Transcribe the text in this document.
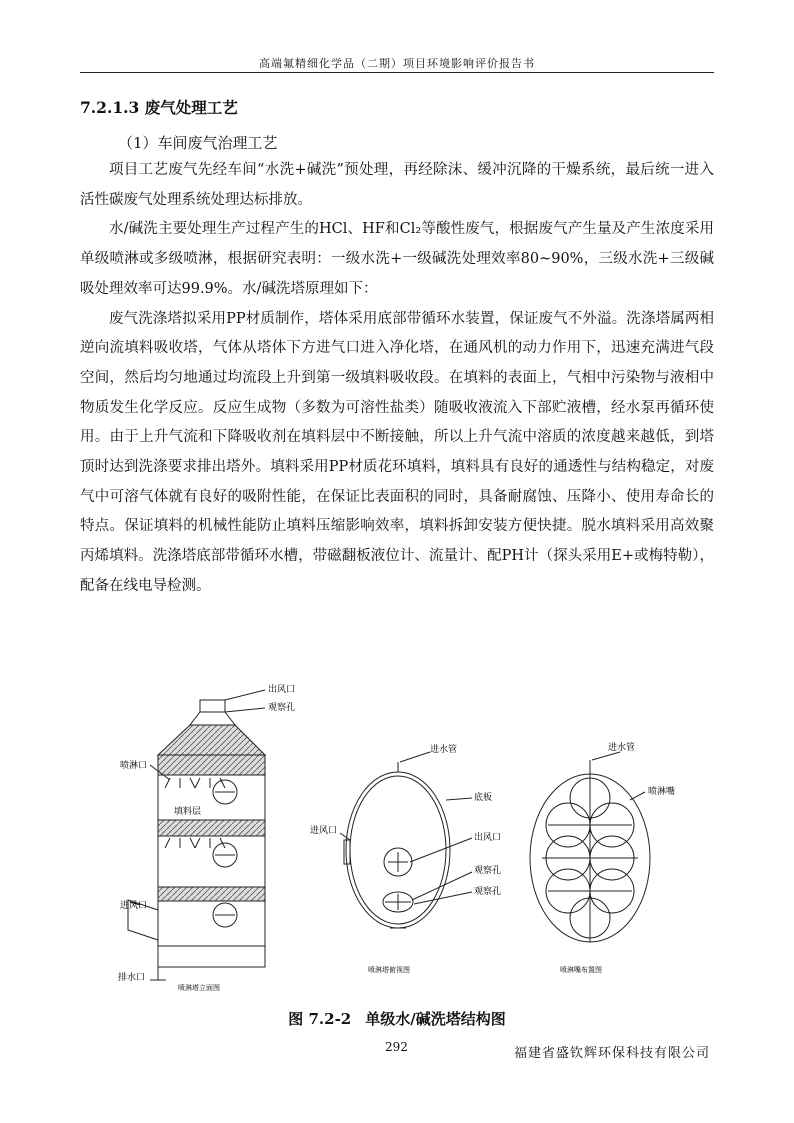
高端氟精细化学品（二期）项目环境影响评价报告书
7.2.1.3 废气处理工艺
（1）车间废气治理工艺

项目工艺废气先经车间“水洗+碱洗”预处理，再经除沫、缓冲沉降的干燥系统，最后统一进入活性碳废气处理系统处理达标排放。

水/碱洗主要处理生产过程产生的HCl、HF和Cl₂等酸性废气，根据废气产生量及产生浓度采用单级喷淋或多级喷淋，根据研究表明：一级水洗+一级碱洗处理效率80~90%，三级水洗+三级碱吸处理效率可达99.9%。水/碱洗塔原理如下：

废气洗涤塔拟采用PP材质制作，塔体采用底部带循环水装置，保证废气不外溢。洗涤塔属两相逆向流填料吸收塔，气体从塔体下方进气口进入净化塔，在通风机的动力作用下，迅速充满进气段空间，然后均匀地通过均流段上升到第一级填料吸收段。在填料的表面上，气相中污染物与液相中物质发生化学反应。反应生成物（多数为可溶性盐类）随吸收液流入下部贮液槽，经水泵再循环使用。由于上升气流和下降吸收剂在填料层中不断接触，所以上升气流中溶质的浓度越来越低，到塔顶时达到洗涤要求排出塔外。填料采用PP材质花环填料，填料具有良好的通透性与结构稳定，对废气中可溶气体就有良好的吸附性能，在保证比表面积的同时，具备耐腐蚀、压降小、使用寿命长的特点。保证填料的机械性能防止填料压缩影响效率，填料拆卸安装方便快捷。脱水填料采用高效聚丙烯填料。洗涤塔底部带循环水槽，带磁翻板液位计、流量计、配PH计（探头采用E+或梅特勒），配备在线电导检测。

出风口
观察孔
喷淋口
填料层
进风口
排水口
喷淋塔立面图
进水管
底板
进风口
出风口
观察孔
观察孔
喷淋塔俯视图
进水管
喷淋嘴
喷淋嘴布置图
图 7.2-2 单级水/碱洗塔结构图
292	福建省盛钦辉环保科技有限公司
